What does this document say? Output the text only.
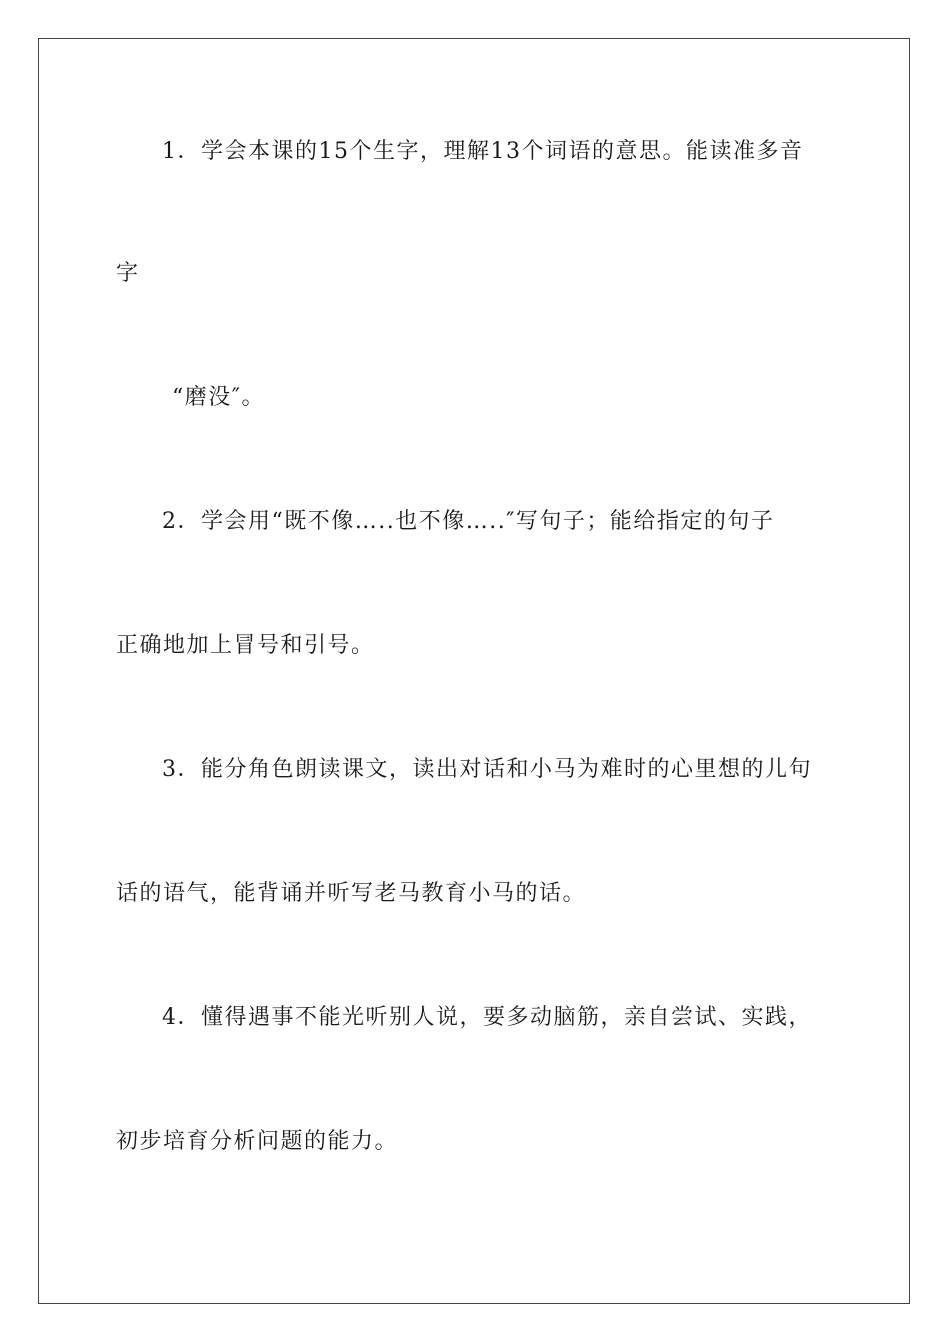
1．学会本课的15个生字，理解13个词语的意思。能读准多音
字
“磨没″。
2．学会用“既不像…..也不像…..″写句子；能给指定的句子
正确地加上冒号和引号。
3．能分角色朗读课文，读出对话和小马为难时的心里想的儿句
话的语气，能背诵并听写老马教育小马的话。
4．懂得遇事不能光听别人说，要多动脑筋，亲自尝试、实践，
初步培育分析问题的能力。
